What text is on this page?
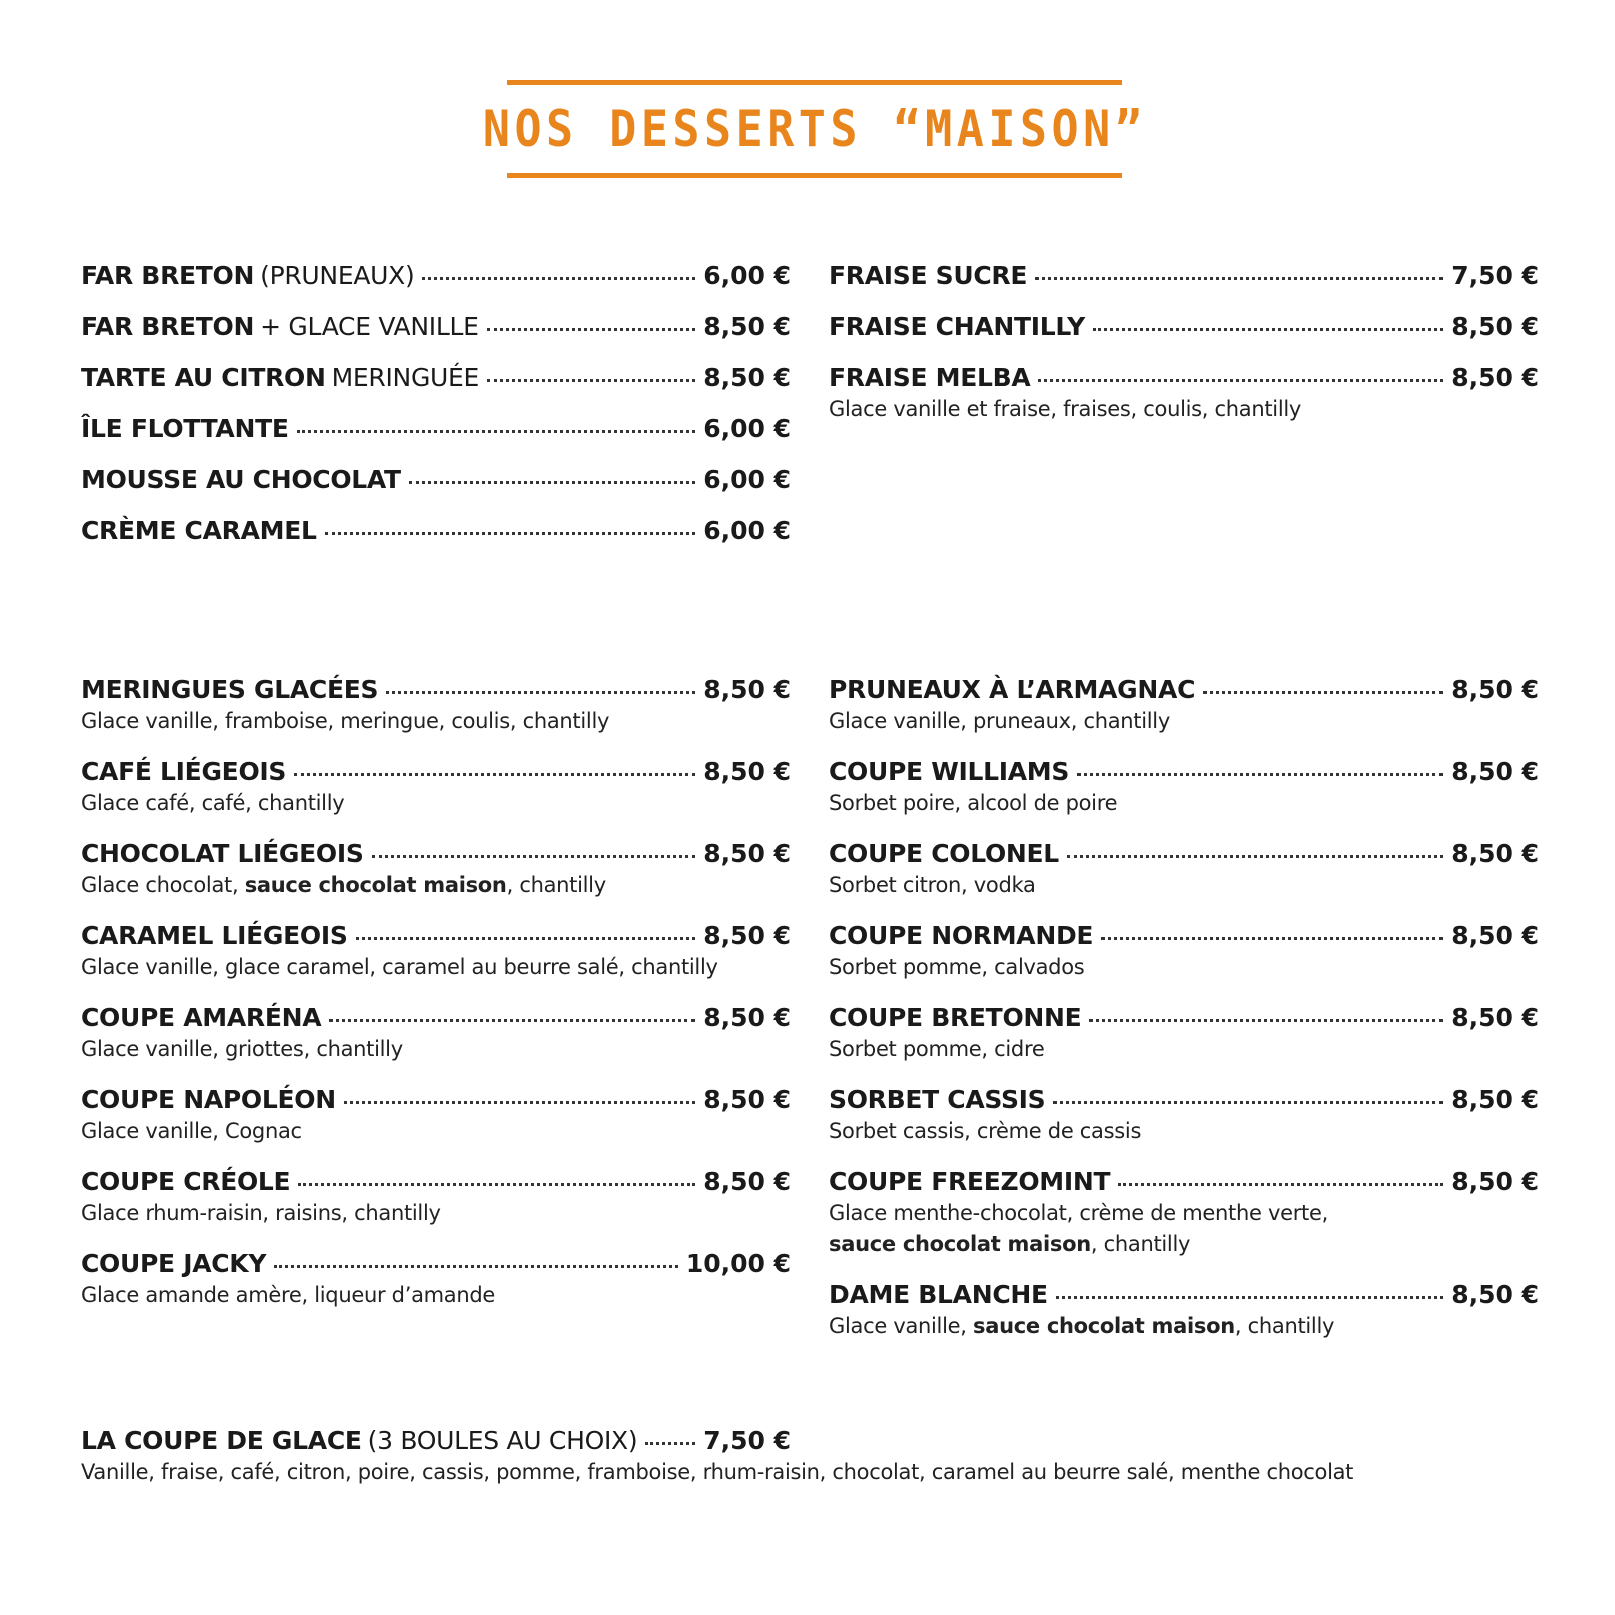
NOS DESSERTS “MAISON”
FAR BRETON (PRUNEAUX)	6,00 €
FAR BRETON + GLACE VANILLE	8,50 €
TARTE AU CITRON MERINGUÉE	8,50 €
ÎLE FLOTTANTE	6,00 €
MOUSSE AU CHOCOLAT	6,00 €
CRÈME CARAMEL	6,00 €
FRAISE SUCRE	7,50 €
FRAISE CHANTILLY	8,50 €
FRAISE MELBA	8,50 €
Glace vanille et fraise, fraises, coulis, chantilly
MERINGUES GLACÉES	8,50 €
Glace vanille, framboise, meringue, coulis, chantilly
CAFÉ LIÉGEOIS	8,50 €
Glace café, café, chantilly
CHOCOLAT LIÉGEOIS	8,50 €
Glace chocolat, sauce chocolat maison, chantilly
CARAMEL LIÉGEOIS	8,50 €
Glace vanille, glace caramel, caramel au beurre salé, chantilly
COUPE AMARÉNA	8,50 €
Glace vanille, griottes, chantilly
COUPE NAPOLÉON	8,50 €
Glace vanille, Cognac
COUPE CRÉOLE	8,50 €
Glace rhum-raisin, raisins, chantilly
COUPE JACKY	10,00 €
Glace amande amère, liqueur d’amande
PRUNEAUX À L’ARMAGNAC	8,50 €
Glace vanille, pruneaux, chantilly
COUPE WILLIAMS	8,50 €
Sorbet poire, alcool de poire
COUPE COLONEL	8,50 €
Sorbet citron, vodka
COUPE NORMANDE	8,50 €
Sorbet pomme, calvados
COUPE BRETONNE	8,50 €
Sorbet pomme, cidre
SORBET CASSIS	8,50 €
Sorbet cassis, crème de cassis
COUPE FREEZOMINT	8,50 €
Glace menthe-chocolat, crème de menthe verte,
sauce chocolat maison, chantilly
DAME BLANCHE	8,50 €
Glace vanille, sauce chocolat maison, chantilly
LA COUPE DE GLACE (3 BOULES AU CHOIX)	7,50 €
Vanille, fraise, café, citron, poire, cassis, pomme, framboise, rhum-raisin, chocolat, caramel au beurre salé, menthe chocolat
